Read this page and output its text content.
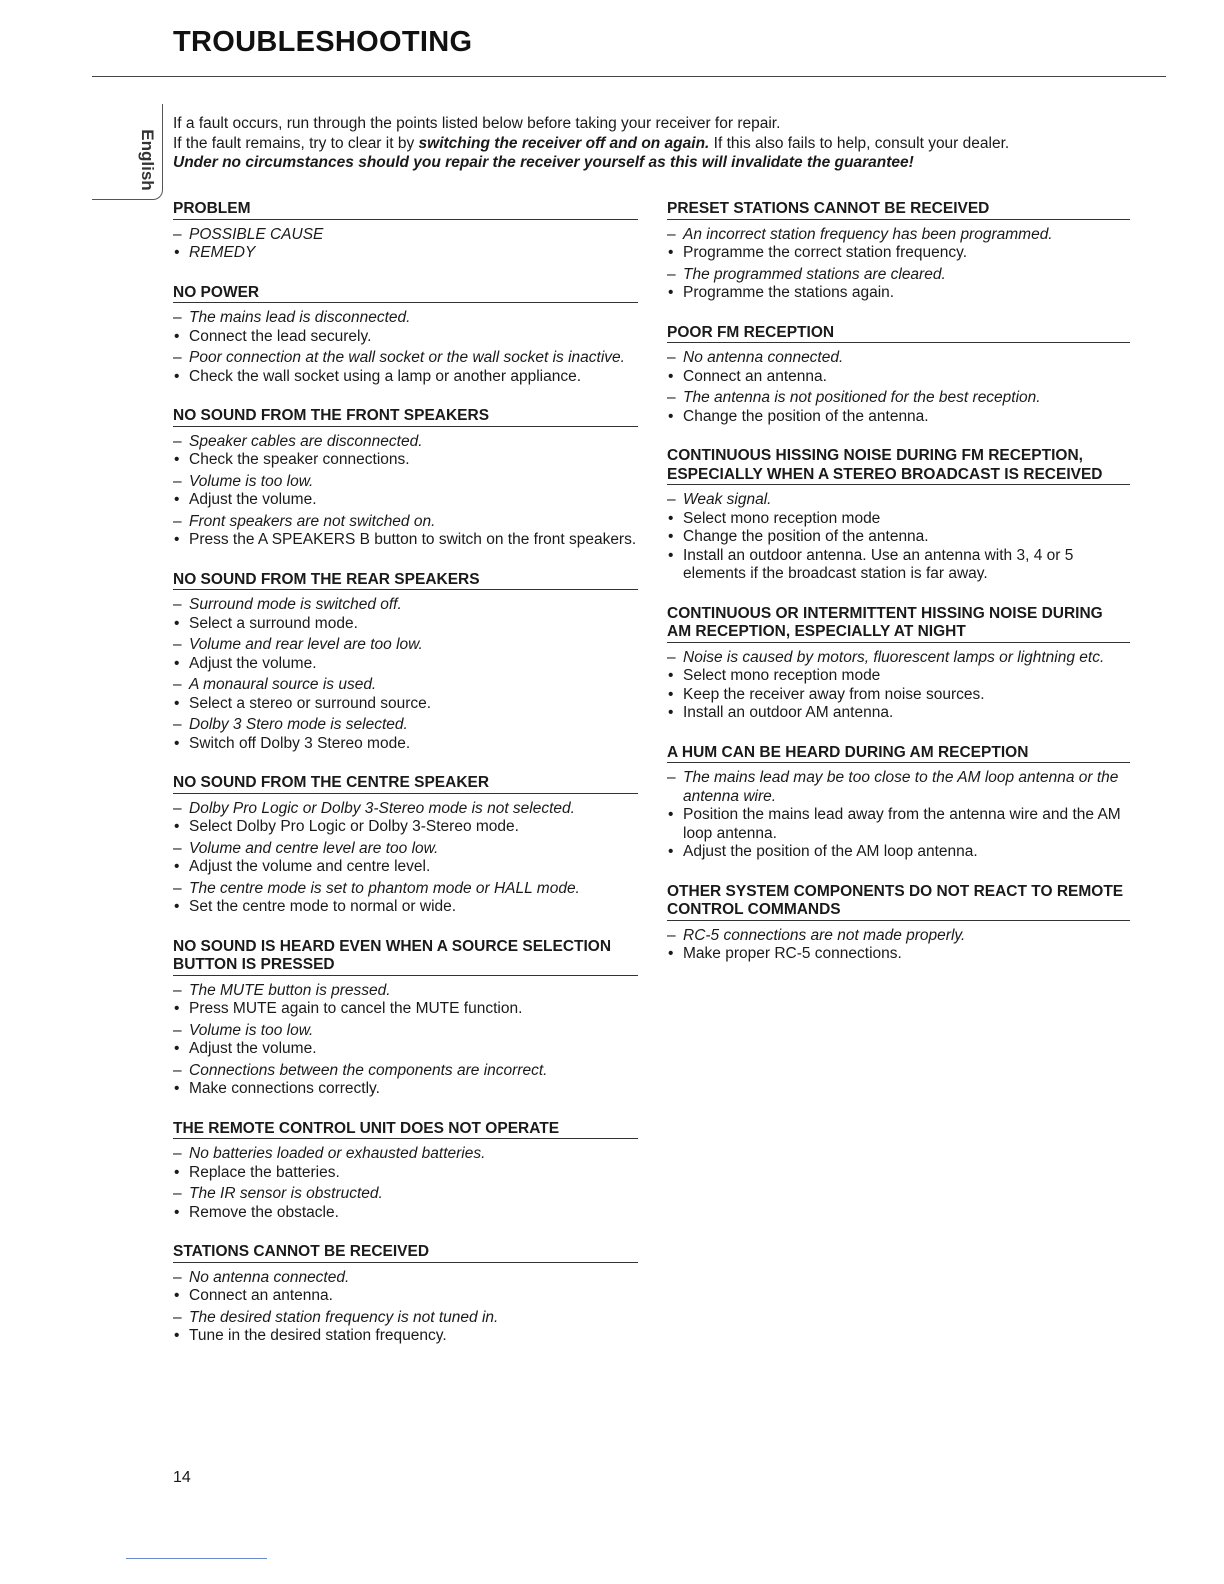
TROUBLESHOOTING
English

If a fault occurs, run through the points listed below before taking your receiver for repair.

If the fault remains, try to clear it by switching the receiver off and on again. If this also fails to help, consult your dealer.

Under no circumstances should you repair the receiver yourself as this will invalidate the guarantee!

PROBLEM
– POSSIBLE CAUSE
• REMEDY
NO POWER
– The mains lead is disconnected.
• Connect the lead securely.
– Poor connection at the wall socket or the wall socket is inactive.
• Check the wall socket using a lamp or another appliance.
NO SOUND FROM THE FRONT SPEAKERS
– Speaker cables are disconnected.
• Check the speaker connections.
– Volume is too low.
• Adjust the volume.
– Front speakers are not switched on.
• Press the A SPEAKERS B button to switch on the front speakers.
NO SOUND FROM THE REAR SPEAKERS
– Surround mode is switched off.
• Select a surround mode.
– Volume and rear level are too low.
• Adjust the volume.
– A monaural source is used.
• Select a stereo or surround source.
– Dolby 3 Stero mode is selected.
• Switch off Dolby 3 Stereo mode.
NO SOUND FROM THE CENTRE SPEAKER
– Dolby Pro Logic or Dolby 3-Stereo mode is not selected.
• Select Dolby Pro Logic or Dolby 3-Stereo mode.
– Volume and centre level are too low.
• Adjust the volume and centre level.
– The centre mode is set to phantom mode or HALL mode.
• Set the centre mode to normal or wide.
NO SOUND IS HEARD EVEN WHEN A SOURCE SELECTION BUTTON IS PRESSED
– The MUTE button is pressed.
• Press MUTE again to cancel the MUTE function.
– Volume is too low.
• Adjust the volume.
– Connections between the components are incorrect.
• Make connections correctly.
THE REMOTE CONTROL UNIT DOES NOT OPERATE
– No batteries loaded or exhausted batteries.
• Replace the batteries.
– The IR sensor is obstructed.
• Remove the obstacle.
STATIONS CANNOT BE RECEIVED
– No antenna connected.
• Connect an antenna.
– The desired station frequency is not tuned in.
• Tune in the desired station frequency.
PRESET STATIONS CANNOT BE RECEIVED
– An incorrect station frequency has been programmed.
• Programme the correct station frequency.
– The programmed stations are cleared.
• Programme the stations again.
POOR FM RECEPTION
– No antenna connected.
• Connect an antenna.
– The antenna is not positioned for the best reception.
• Change the position of the antenna.
CONTINUOUS HISSING NOISE DURING FM RECEPTION, ESPECIALLY WHEN A STEREO BROADCAST IS RECEIVED
– Weak signal.
• Select mono reception mode
• Change the position of the antenna.
• Install an outdoor antenna. Use an antenna with 3, 4 or 5 elements if the broadcast station is far away.
CONTINUOUS OR INTERMITTENT HISSING NOISE DURING AM RECEPTION, ESPECIALLY AT NIGHT
– Noise is caused by motors, fluorescent lamps or lightning etc.
• Select mono reception mode
• Keep the receiver away from noise sources.
• Install an outdoor AM antenna.
A HUM CAN BE HEARD DURING AM RECEPTION
– The mains lead may be too close to the AM loop antenna or the antenna wire.
• Position the mains lead away from the antenna wire and the AM loop antenna.
• Adjust the position of the AM loop antenna.
OTHER SYSTEM COMPONENTS DO NOT REACT TO REMOTE CONTROL COMMANDS
– RC-5 connections are not made properly.
• Make proper RC-5 connections.
14
